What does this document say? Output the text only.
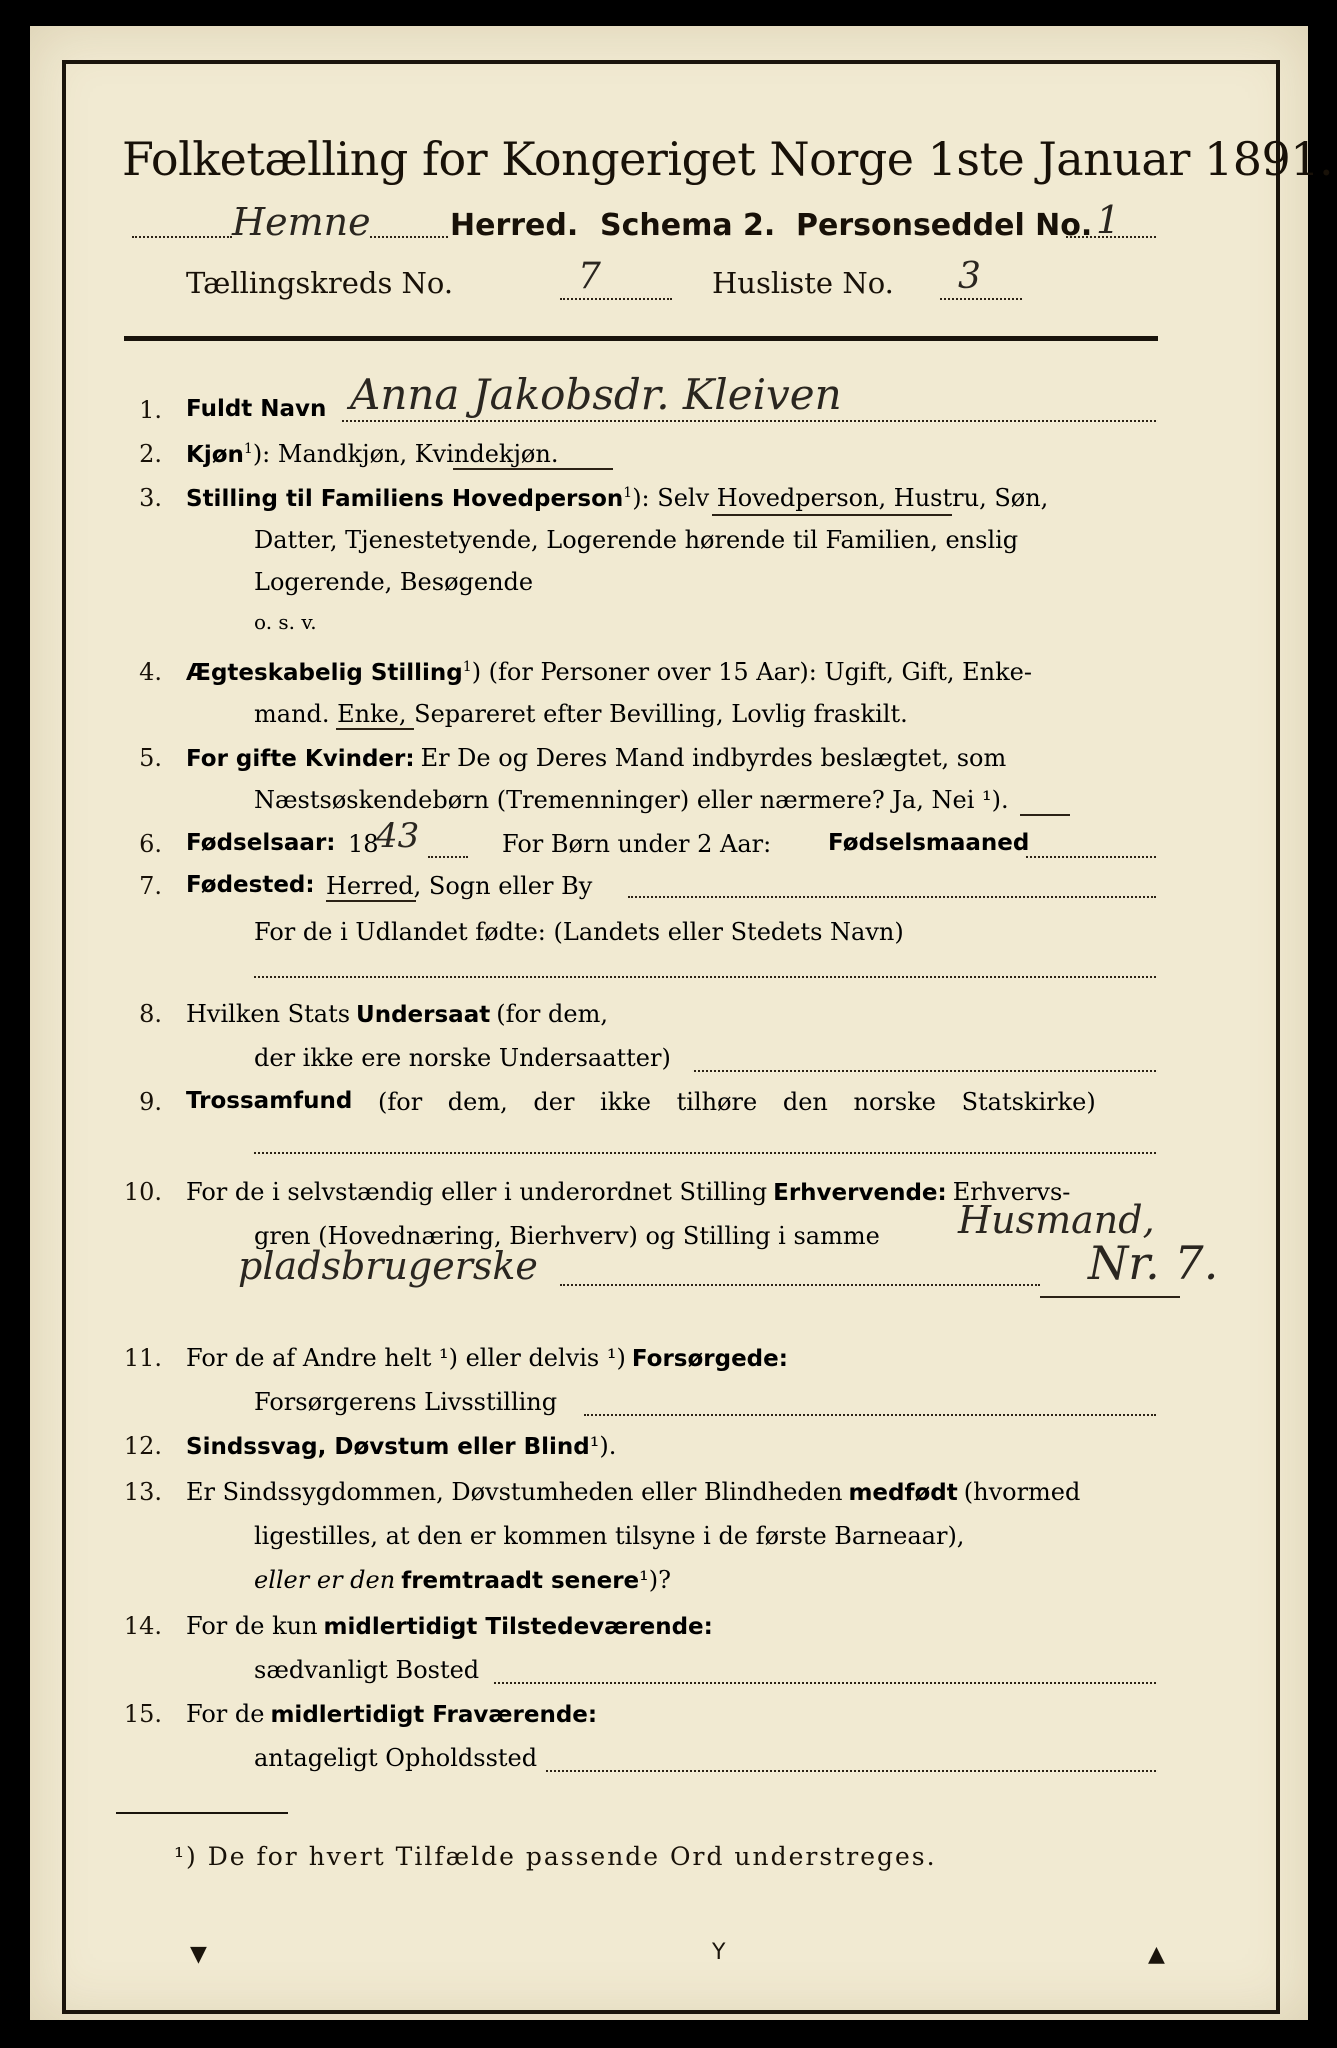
Folketælling for Kongeriget Norge 1ste Januar 1891.
Hemne	Herred. Schema 2. Personseddel No. 1
Tællingskreds No.	7	Husliste No. 3
1. Fuldt Navn Anna Jakobsdr. Kleiven
2. Kjøn$^1$): Mandkjøn, Kvindekjøn.
3. Stilling til Familiens Hovedperson$^1$): Selv Hovedperson, Hustru, Søn,
Datter, Tjenestetyende, Logerende hørende til Familien, enslig
Logerende, Besøgende
o. s. v.
4. Ægteskabelig Stilling$^1$) (for Personer over 15 Aar): Ugift, Gift, Enke-
mand. Enke, Separeret efter Bevilling, Lovlig fraskilt.
5. For gifte Kvinder: Er De og Deres Mand indbyrdes beslægtet, som
Næstsøskendebørn (Tremenninger) eller nærmere? Ja, Nei ¹).
6. Fødselsaar: 18
43	For Børn under 2 Aar: Fødselsmaaned
7. Fødested: Herred, Sogn eller By
For de i Udlandet fødte: (Landets eller Stedets Navn)
8. Hvilken Stats Undersaat (for dem,
der ikke ere norske Undersaatter)
9. Trossamfund (for dem, der ikke tilhøre den norske Statskirke)
10. For de i selvstændig eller i underordnet Stilling Erhvervende: Erhvervs-
gren (Hovednæring, Bierhverv) og Stilling i samme Husmand,
pladsbrugerske	Nr. 7.
11. For de af Andre helt ¹) eller delvis ¹) Forsørgede:
Forsørgerens Livsstilling
12. Sindssvag, Døvstum eller Blind¹).
13. Er Sindssygdommen, Døvstumheden eller Blindheden medfødt (hvormed
ligestilles, at den er kommen tilsyne i de første Barneaar),
eller er den fremtraadt senere¹)?
14. For de kun midlertidigt Tilstedeværende:
sædvanligt Bosted
15. For de midlertidigt Fraværende:
antageligt Opholdssted
¹) De for hvert Tilfælde passende Ord understreges.
▼	Y	▲
